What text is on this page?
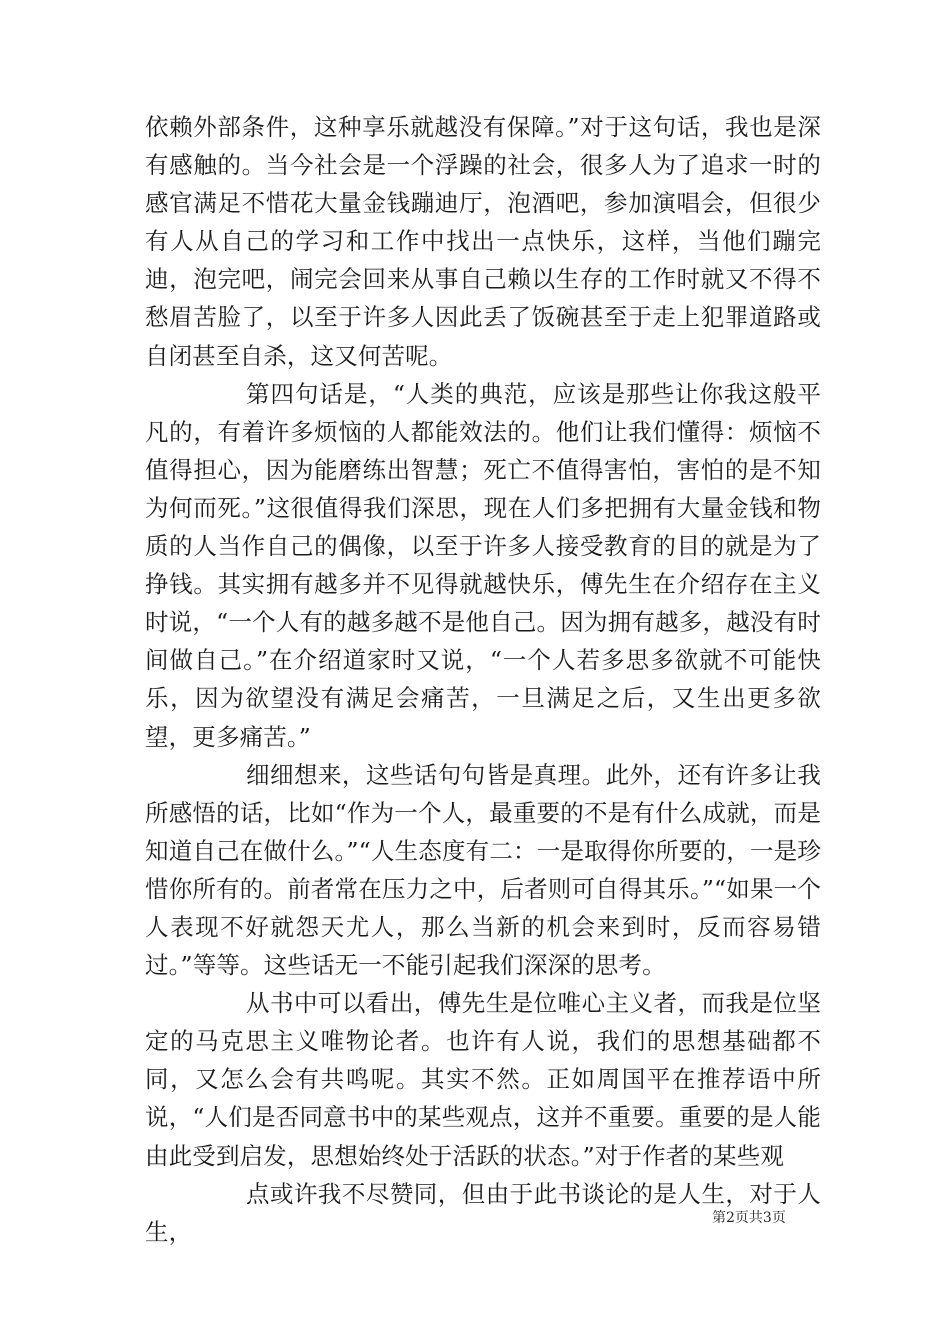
依赖外部条件，这种享乐就越没有保障。”对于这句话，我也是深有感触的。当今社会是一个浮躁的社会，很多人为了追求一时的感官满足不惜花大量金钱蹦迪厅，泡酒吧，参加演唱会，但很少有人从自己的学习和工作中找出一点快乐，这样，当他们蹦完迪，泡完吧，闹完会回来从事自己赖以生存的工作时就又不得不愁眉苦脸了，以至于许多人因此丢了饭碗甚至于走上犯罪道路或自闭甚至自杀，这又何苦呢。

第四句话是，“人类的典范，应该是那些让你我这般平凡的，有着许多烦恼的人都能效法的。他们让我们懂得：烦恼不值得担心，因为能磨练出智慧；死亡不值得害怕，害怕的是不知为何而死。”这很值得我们深思，现在人们多把拥有大量金钱和物质的人当作自己的偶像，以至于许多人接受教育的目的就是为了挣钱。其实拥有越多并不见得就越快乐，傅先生在介绍存在主义时说，“一个人有的越多越不是他自己。因为拥有越多，越没有时间做自己。”在介绍道家时又说，“一个人若多思多欲就不可能快乐，因为欲望没有满足会痛苦，一旦满足之后，又生出更多欲望，更多痛苦。”

细细想来，这些话句句皆是真理。此外，还有许多让我所感悟的话，比如“作为一个人，最重要的不是有什么成就，而是知道自己在做什么。”“人生态度有二：一是取得你所要的，一是珍惜你所有的。前者常在压力之中，后者则可自得其乐。”“如果一个人表现不好就怨天尤人，那么当新的机会来到时，反而容易错过。”等等。这些话无一不能引起我们深深的思考。

从书中可以看出，傅先生是位唯心主义者，而我是位坚定的马克思主义唯物论者。也许有人说，我们的思想基础都不同，又怎么会有共鸣呢。其实不然。正如周国平在推荐语中所说，“人们是否同意书中的某些观点，这并不重要。重要的是人能由此受到启发，思想始终处于活跃的状态。”对于作者的某些观

点或许我不尽赞同，但由于此书谈论的是人生，对于人生，	第2页共3页
